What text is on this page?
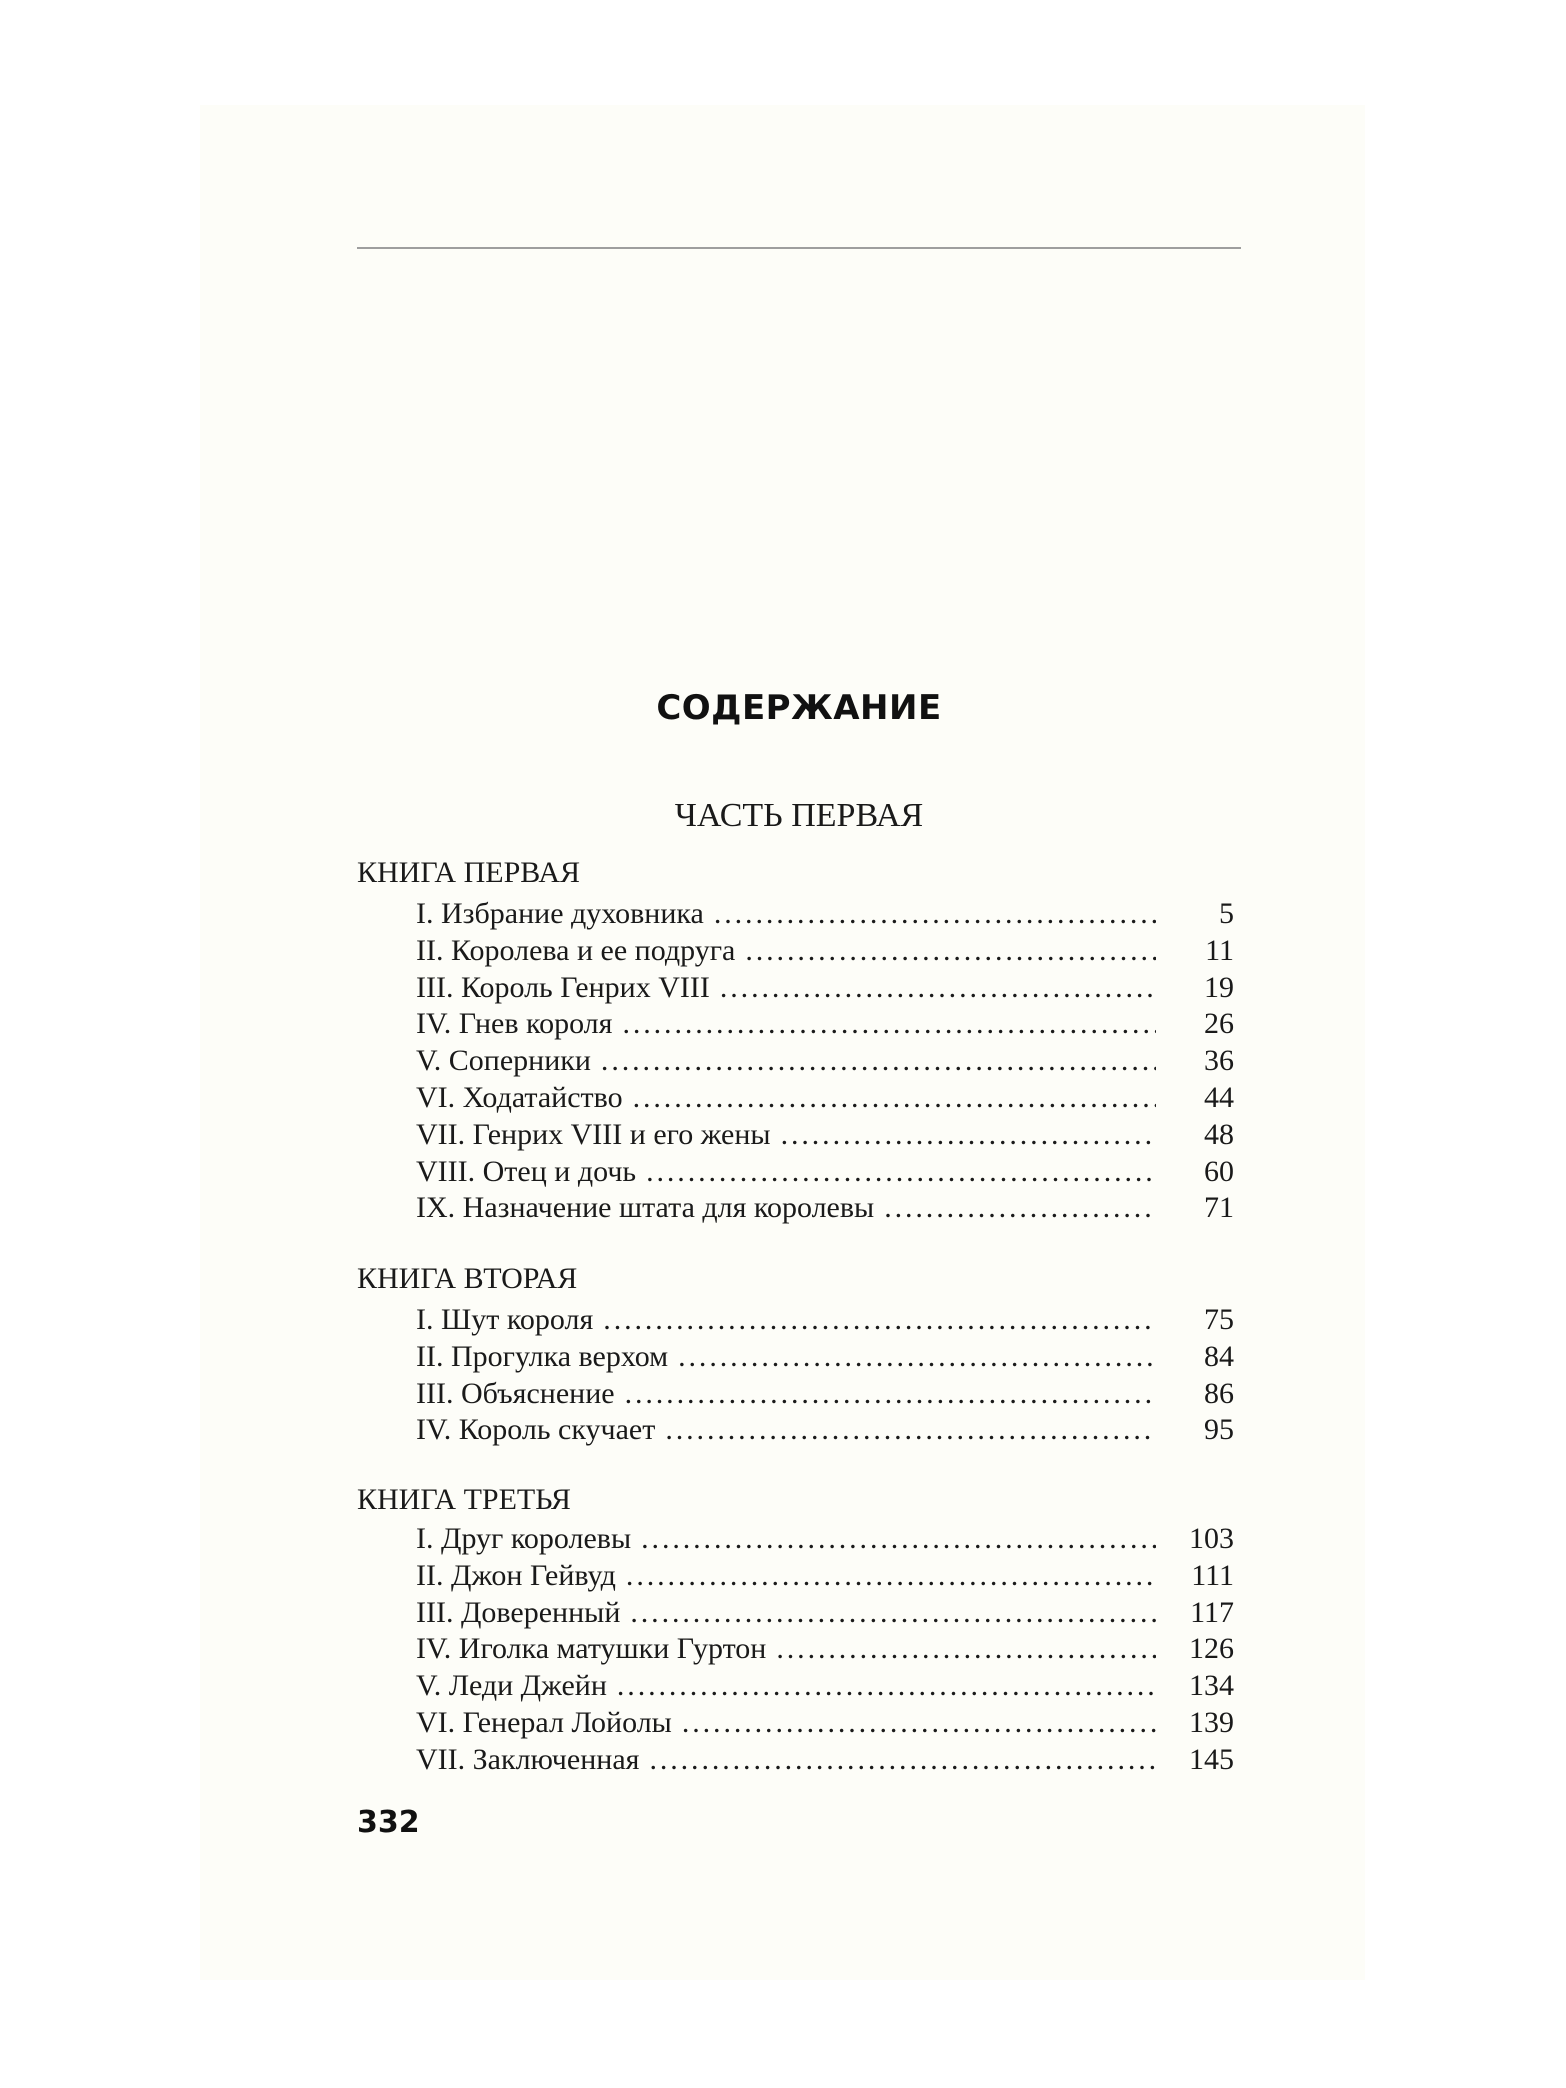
СОДЕРЖАНИЕ
ЧАСТЬ ПЕРВАЯ
КНИГА ПЕРВАЯ
I. Избрание духовника . . .	5
II. Королева и ее подруга . . .	11
III. Король Генрих VIII . . .	19
IV. Гнев короля . . .	26
V. Соперники . . .	36
VI. Ходатайство . . .	44
VII. Генрих VIII и его жены . . .	48
VIII. Отец и дочь . . .	60
IX. Назначение штата для королевы . . .	71
КНИГА ВТОРАЯ
I. Шут короля . . .	75
II. Прогулка верхом . . .	84
III. Объяснение . . .	86
IV. Король скучает . . .	95
КНИГА ТРЕТЬЯ
I. Друг королевы . . .	103
II. Джон Гейвуд . . .	111
III. Доверенный . . .	117
IV. Иголка матушки Гуртон . . .	126
V. Леди Джейн . . .	134
VI. Генерал Лойолы . . .	139
VII. Заключенная . . .	145
332
